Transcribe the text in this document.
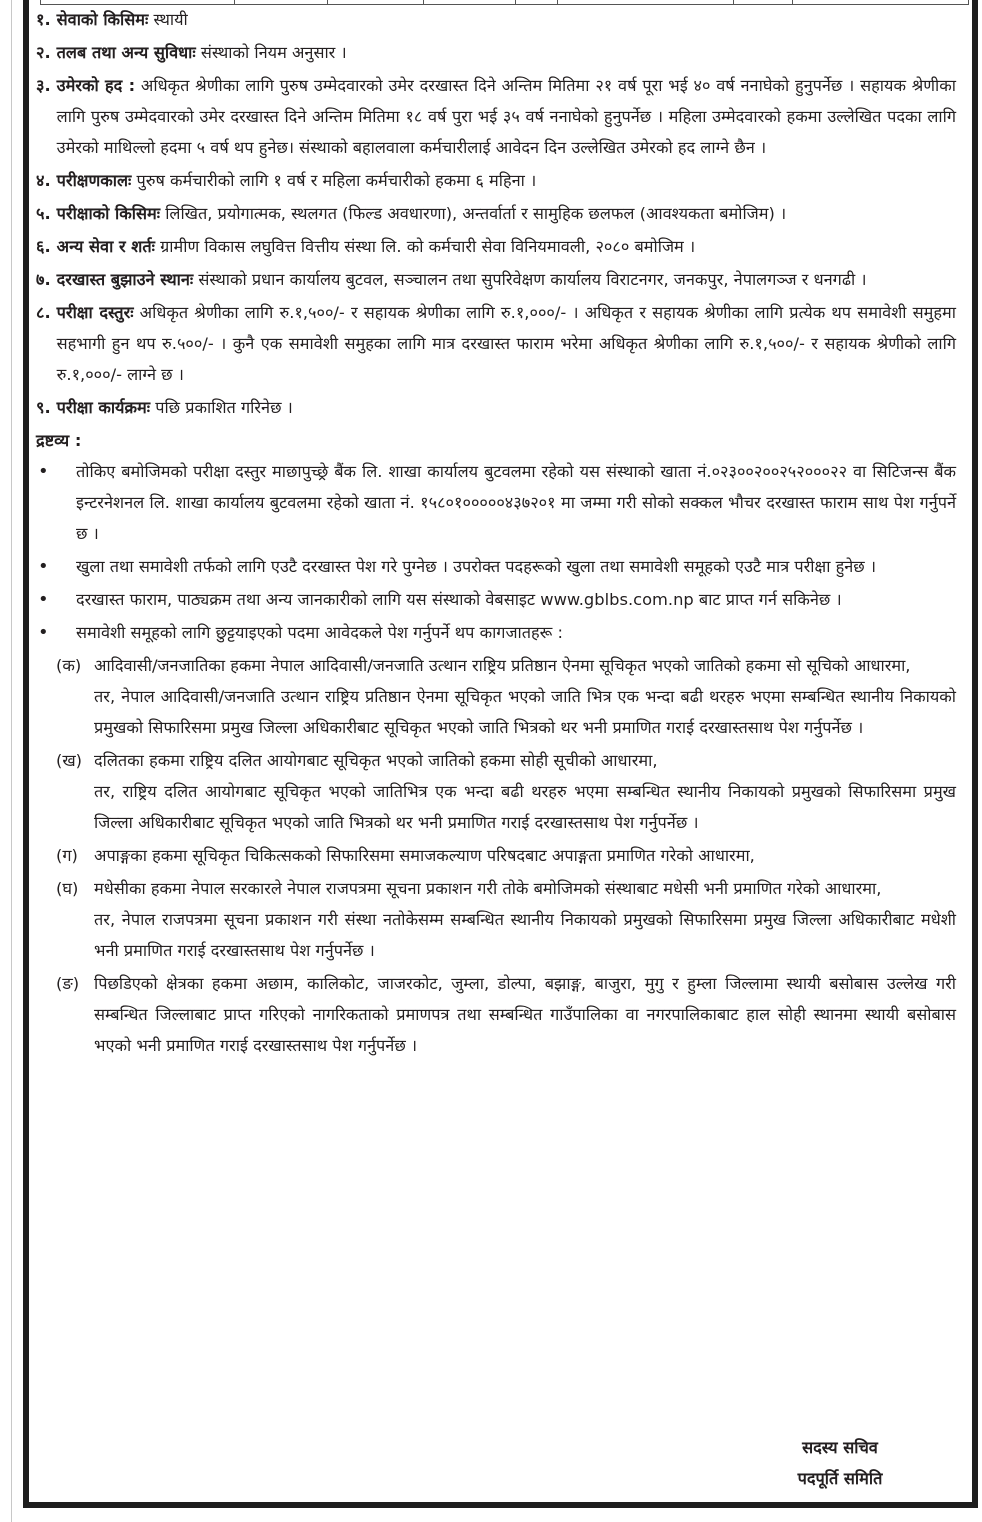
१. सेवाको किसिमः स्थायी
२. तलब तथा अन्य सुविधाः संस्थाको नियम अनुसार ।
३. उमेरको हद : अधिकृत श्रेणीका लागि पुरुष उम्मेदवारको उमेर दरखास्त दिने अन्तिम मितिमा २१ वर्ष पूरा भई ४० वर्ष ननाघेको हुनुपर्नेछ । सहायक श्रेणीका लागि पुरुष उम्मेदवारको उमेर दरखास्त दिने अन्तिम मितिमा १८ वर्ष पुरा भई ३५ वर्ष ननाघेको हुनुपर्नेछ । महिला उम्मेदवारको हकमा उल्लेखित पदका लागि उमेरको माथिल्लो हदमा ५ वर्ष थप हुनेछ। संस्थाको बहालवाला कर्मचारीलाई आवेदन दिन उल्लेखित उमेरको हद लाग्ने छैन ।
४. परीक्षणकालः पुरुष कर्मचारीको लागि १ वर्ष र महिला कर्मचारीको हकमा ६ महिना ।
५. परीक्षाको किसिमः लिखित, प्रयोगात्मक, स्थलगत (फिल्ड अवधारणा), अन्तर्वार्ता र सामुहिक छलफल (आवश्यकता बमोजिम) ।
६. अन्य सेवा र शर्तः ग्रामीण विकास लघुवित्त वित्तीय संस्था लि. को कर्मचारी सेवा विनियमावली, २०८० बमोजिम ।
७. दरखास्त बुझाउने स्थानः संस्थाको प्रधान कार्यालय बुटवल, सञ्चालन तथा सुपरिवेक्षण कार्यालय विराटनगर, जनकपुर, नेपालगञ्ज र धनगढी ।
८. परीक्षा दस्तुरः अधिकृत श्रेणीका लागि रु.१,५००/- र सहायक श्रेणीका लागि रु.१,०००/- । अधिकृत र सहायक श्रेणीका लागि प्रत्येक थप समावेशी समुहमा सहभागी हुन थप रु.५००/- । कुनै एक समावेशी समुहका लागि मात्र दरखास्त फाराम भरेमा अधिकृत श्रेणीका लागि रु.१,५००/- र सहायक श्रेणीको लागि रु.१,०००/- लाग्ने छ ।
९. परीक्षा कार्यक्रमः पछि प्रकाशित गरिनेछ ।
द्रष्टव्य :
•	तोकिए बमोजिमको परीक्षा दस्तुर माछापुच्छ्रे बैंक लि. शाखा कार्यालय बुटवलमा रहेको यस संस्थाको खाता नं.०२३००२००२५२०००२२ वा सिटिजन्स बैंक इन्टरनेशनल लि. शाखा कार्यालय बुटवलमा रहेको खाता नं. १५८०१०००००४३७२०१ मा जम्मा गरी सोको सक्कल भौचर दरखास्त फाराम साथ पेश गर्नुपर्ने छ ।
•	खुला तथा समावेशी तर्फको लागि एउटै दरखास्त पेश गरे पुग्नेछ । उपरोक्त पदहरूको खुला तथा समावेशी समूहको एउटै मात्र परीक्षा हुनेछ ।
•	दरखास्त फाराम, पाठ्यक्रम तथा अन्य जानकारीको लागि यस संस्थाको वेबसाइट www.gblbs.com.np बाट प्राप्त गर्न सकिनेछ ।
•	समावेशी समूहको लागि छुट्टयाइएको पदमा आवेदकले पेश गर्नुपर्ने थप कागजातहरू :
(क) आदिवासी/जनजातिका हकमा नेपाल आदिवासी/जनजाति उत्थान राष्ट्रिय प्रतिष्ठान ऐनमा सूचिकृत भएको जातिको हकमा सो सूचिको आधारमा,

तर, नेपाल आदिवासी/जनजाति उत्थान राष्ट्रिय प्रतिष्ठान ऐनमा सूचिकृत भएको जाति भित्र एक भन्दा बढी थरहरु भएमा सम्बन्धित स्थानीय निकायको प्रमुखको सिफारिसमा प्रमुख जिल्ला अधिकारीबाट सूचिकृत भएको जाति भित्रको थर भनी प्रमाणित गराई दरखास्तसाथ पेश गर्नुपर्नेछ ।

(ख) दलितका हकमा राष्ट्रिय दलित आयोगबाट सूचिकृत भएको जातिको हकमा सोही सूचीको आधारमा,

तर, राष्ट्रिय दलित आयोगबाट सूचिकृत भएको जातिभित्र एक भन्दा बढी थरहरु भएमा सम्बन्धित स्थानीय निकायको प्रमुखको सिफारिसमा प्रमुख जिल्ला अधिकारीबाट सूचिकृत भएको जाति भित्रको थर भनी प्रमाणित गराई दरखास्तसाथ पेश गर्नुपर्नेछ ।

(ग) अपाङ्गका हकमा सूचिकृत चिकित्सकको सिफारिसमा समाजकल्याण परिषदबाट अपाङ्गता प्रमाणित गरेको आधारमा,

(घ) मधेसीका हकमा नेपाल सरकारले नेपाल राजपत्रमा सूचना प्रकाशन गरी तोके बमोजिमको संस्थाबाट मधेसी भनी प्रमाणित गरेको आधारमा,

तर, नेपाल राजपत्रमा सूचना प्रकाशन गरी संस्था नतोकेसम्म सम्बन्धित स्थानीय निकायको प्रमुखको सिफारिसमा प्रमुख जिल्ला अधिकारीबाट मधेशी भनी प्रमाणित गराई दरखास्तसाथ पेश गर्नुपर्नेछ ।

(ङ) पिछडिएको क्षेत्रका हकमा अछाम, कालिकोट, जाजरकोट, जुम्ला, डोल्पा, बझाङ्ग, बाजुरा, मुगु र हुम्ला जिल्लामा स्थायी बसोबास उल्लेख गरी सम्बन्धित जिल्लाबाट प्राप्त गरिएको नागरिकताको प्रमाणपत्र तथा सम्बन्धित गाउँपालिका वा नगरपालिकाबाट हाल सोही स्थानमा स्थायी बसोबास भएको भनी प्रमाणित गराई दरखास्तसाथ पेश गर्नुपर्नेछ ।

सदस्य सचिव
पदपूर्ति समिति
